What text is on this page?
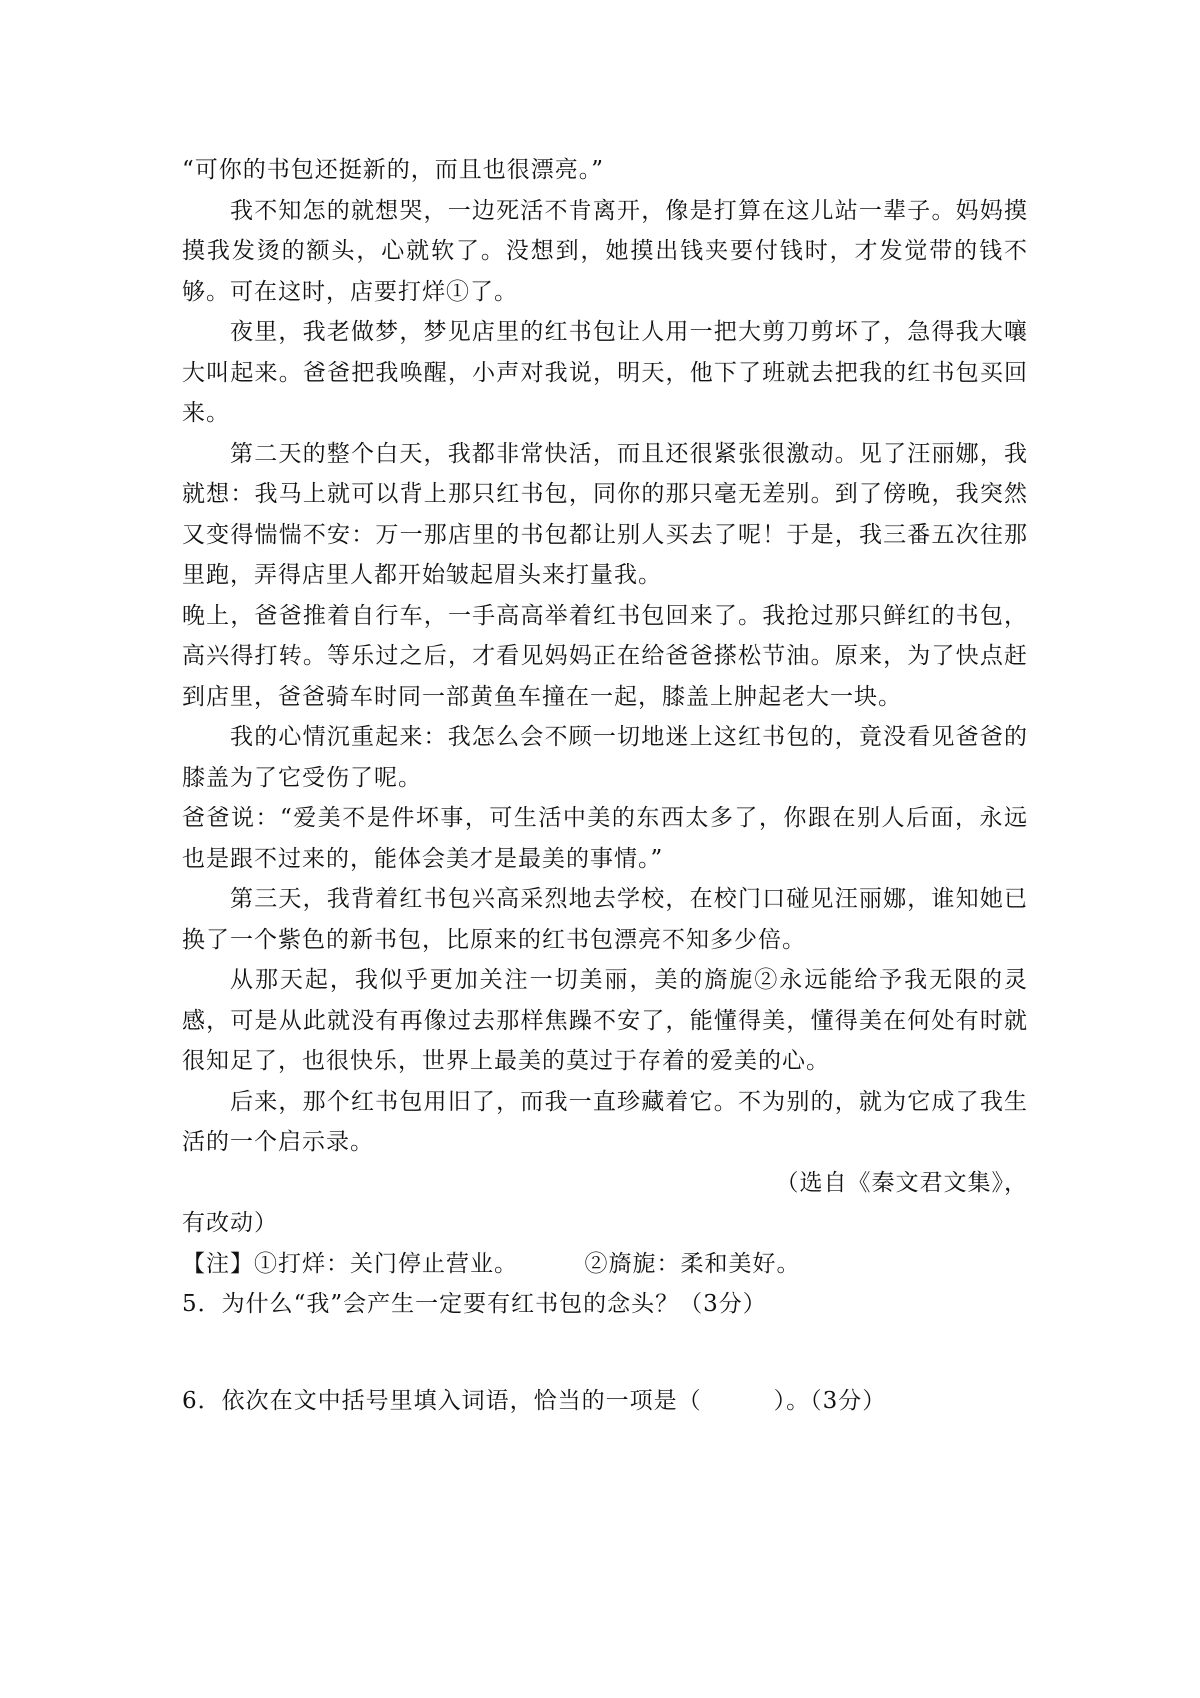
“可你的书包还挺新的，而且也很漂亮。”

我不知怎的就想哭，一边死活不肯离开，像是打算在这儿站一辈子。妈妈摸摸我发烫的额头，心就软了。没想到，她摸出钱夹要付钱时，才发觉带的钱不够。可在这时，店要打烊①了。

夜里，我老做梦，梦见店里的红书包让人用一把大剪刀剪坏了，急得我大嚷大叫起来。爸爸把我唤醒，小声对我说，明天，他下了班就去把我的红书包买回来。

第二天的整个白天，我都非常快活，而且还很紧张很激动。见了汪丽娜，我就想：我马上就可以背上那只红书包，同你的那只毫无差别。到了傍晚，我突然又变得惴惴不安：万一那店里的书包都让别人买去了呢！于是，我三番五次往那里跑，弄得店里人都开始皱起眉头来打量我。

晚上，爸爸推着自行车，一手高高举着红书包回来了。我抢过那只鲜红的书包，高兴得打转。等乐过之后，才看见妈妈正在给爸爸搽松节油。原来，为了快点赶到店里，爸爸骑车时同一部黄鱼车撞在一起，膝盖上肿起老大一块。

我的心情沉重起来：我怎么会不顾一切地迷上这红书包的，竟没看见爸爸的膝盖为了它受伤了呢。

爸爸说：“爱美不是件坏事，可生活中美的东西太多了，你跟在别人后面，永远也是跟不过来的，能体会美才是最美的事情。”

第三天，我背着红书包兴高采烈地去学校，在校门口碰见汪丽娜，谁知她已换了一个紫色的新书包，比原来的红书包漂亮不知多少倍。

从那天起，我似乎更加关注一切美丽，美的旖旎②永远能给予我无限的灵感，可是从此就没有再像过去那样焦躁不安了，能懂得美，懂得美在何处有时就很知足了，也很快乐，世界上最美的莫过于存着的爱美的心。

后来，那个红书包用旧了，而我一直珍藏着它。不为别的，就为它成了我生活的一个启示录。

（选自《秦文君文集》，

有改动）

【注】①打烊：关门停止营业。	②旖旎：柔和美好。

5．为什么“我”会产生一定要有红书包的念头？（3分）

6．依次在文中括号里填入词语，恰当的一项是（　　　）。（3分）
